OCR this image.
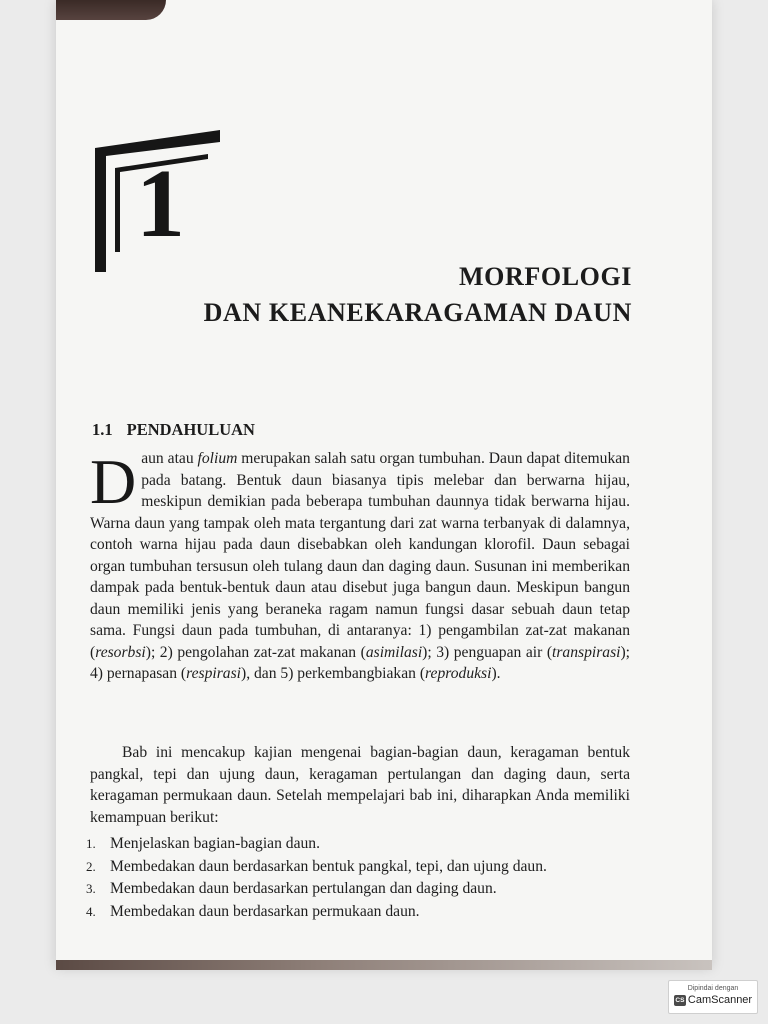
1
MORFOLOGI
DAN KEANEKARAGAMAN DAUN
1.1 PENDAHULUAN

Daun atau folium merupakan salah satu organ tumbuhan. Daun dapat ditemukan pada batang. Bentuk daun biasanya tipis melebar dan berwarna hijau, meskipun demikian pada beberapa tumbuhan daunnya tidak berwarna hijau. Warna daun yang tampak oleh mata tergantung dari zat warna terbanyak di dalamnya, contoh warna hijau pada daun disebabkan oleh kandungan klorofil. Daun sebagai organ tumbuhan tersusun oleh tulang daun dan daging daun. Susunan ini memberikan dampak pada bentuk-bentuk daun atau disebut juga bangun daun. Meskipun bangun daun memiliki jenis yang beraneka ragam namun fungsi dasar sebuah daun tetap sama. Fungsi daun pada tumbuhan, di antaranya: 1) pengambilan zat-zat makanan (resorbsi); 2) pengolahan zat-zat makanan (asimilasi); 3) penguapan air (transpirasi); 4) pernapasan (respirasi), dan 5) perkembangbiakan (reproduksi).

Bab ini mencakup kajian mengenai bagian-bagian daun, keragaman bentuk pangkal, tepi dan ujung daun, keragaman pertulangan dan daging daun, serta keragaman permukaan daun. Setelah mempelajari bab ini, diharapkan Anda memiliki kemampuan berikut:

1. Menjelaskan bagian-bagian daun.
2. Membedakan daun berdasarkan bentuk pangkal, tepi, dan ujung daun.
3. Membedakan daun berdasarkan pertulangan dan daging daun.
4. Membedakan daun berdasarkan permukaan daun.
Dipindai dengan
CS CamScanner
